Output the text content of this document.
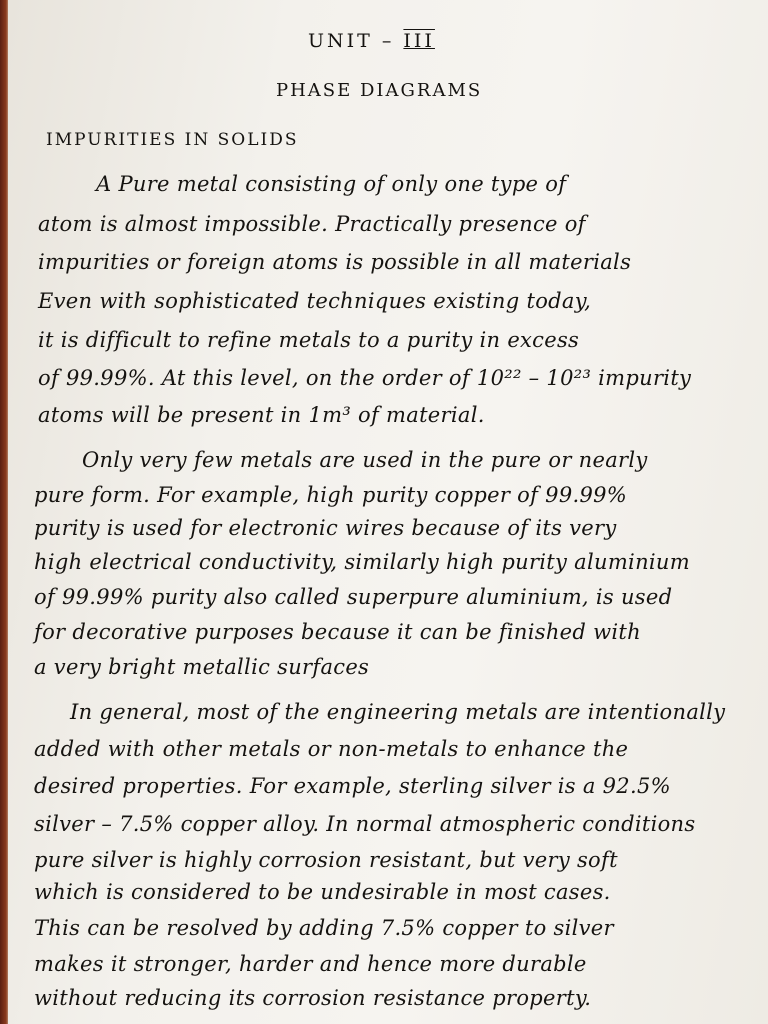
UNIT – III
PHASE DIAGRAMS
IMPURITIES IN SOLIDS
A Pure metal consisting of only one type of
atom is almost impossible. Practically presence of
impurities or foreign atoms is possible in all materials
Even with sophisticated techniques existing today,
it is difficult to refine metals to a purity in excess
of 99.99%. At this level, on the order of 10²² – 10²³ impurity
atoms will be present in 1m³ of material.
Only very few metals are used in the pure or nearly
pure form. For example, high purity copper of 99.99%
purity is used for electronic wires because of its very
high electrical conductivity, similarly high purity aluminium
of 99.99% purity also called superpure aluminium, is used
for decorative purposes because it can be finished with
a very bright metallic surfaces
In general, most of the engineering metals are intentionally
added with other metals or non-metals to enhance the
desired properties. For example, sterling silver is a 92.5%
silver – 7.5% copper alloy. In normal atmospheric conditions
pure silver is highly corrosion resistant, but very soft
which is considered to be undesirable in most cases.
This can be resolved by adding 7.5% copper to silver
makes it stronger, harder and hence more durable
without reducing its corrosion resistance property.
